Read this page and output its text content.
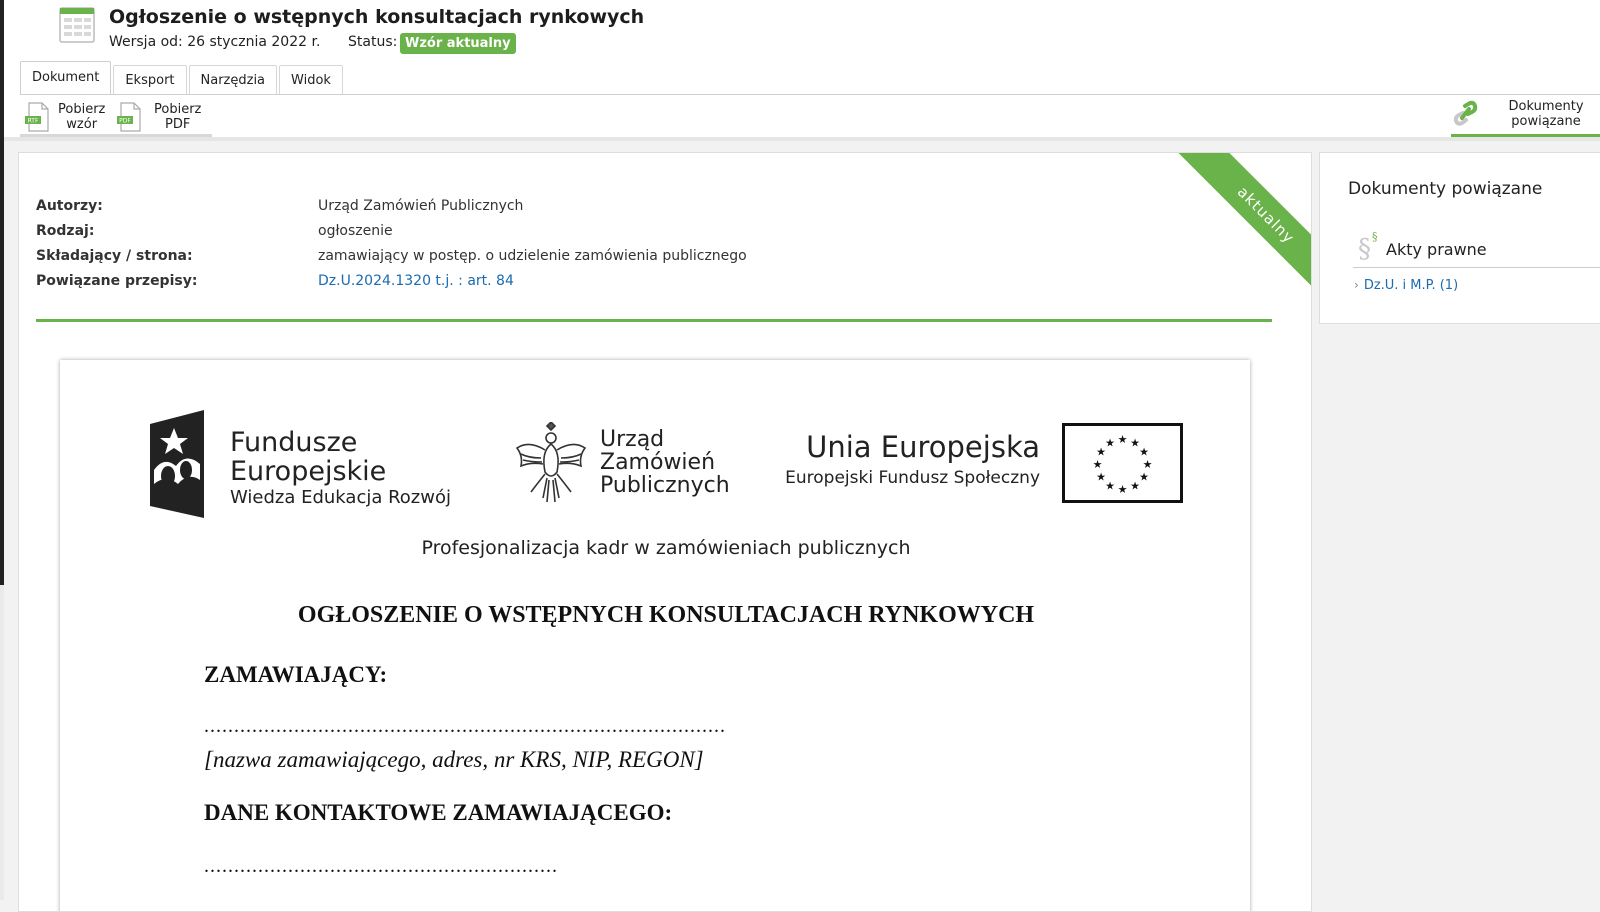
Ogłoszenie o wstępnych konsultacjach rynkowych
Wersja od: 26 stycznia 2022 r. Status: Wzór aktualny
Dokument	Eksport	Narzędzia	Widok
RTF
Pobierz
wzór	PDF
Pobierz
PDF
Dokumenty
powiązane
Autorzy:	Urząd Zamówień Publicznych
Rodzaj:	ogłoszenie
Składający / strona:	zamawiający w postęp. o udzielenie zamówienia publicznego
Powiązane przepisy:	Dz.U.2024.1320 t.j. : art. 84
aktualny
Fundusze
Europejskie
Wiedza Edukacja Rozwój
Urząd
Zamówień
Publicznych
Unia Europejska
Europejski Fundusz Społeczny
★ ★
★
★
★
★
★
★
★
★
★
★
Profesjonalizacja kadr w zamówieniach publicznych
OGŁOSZENIE O WSTĘPNYCH KONSULTACJACH RYNKOWYCH
ZAMAWIAJĄCY:
.......................................................................................
[nazwa zamawiającego, adres, nr KRS, NIP, REGON]
DANE KONTAKTOWE ZAMAWIAJĄCEGO:
...........................................................
Dokumenty powiązane
§ §
Akty prawne
› Dz.U. i M.P. (1)
